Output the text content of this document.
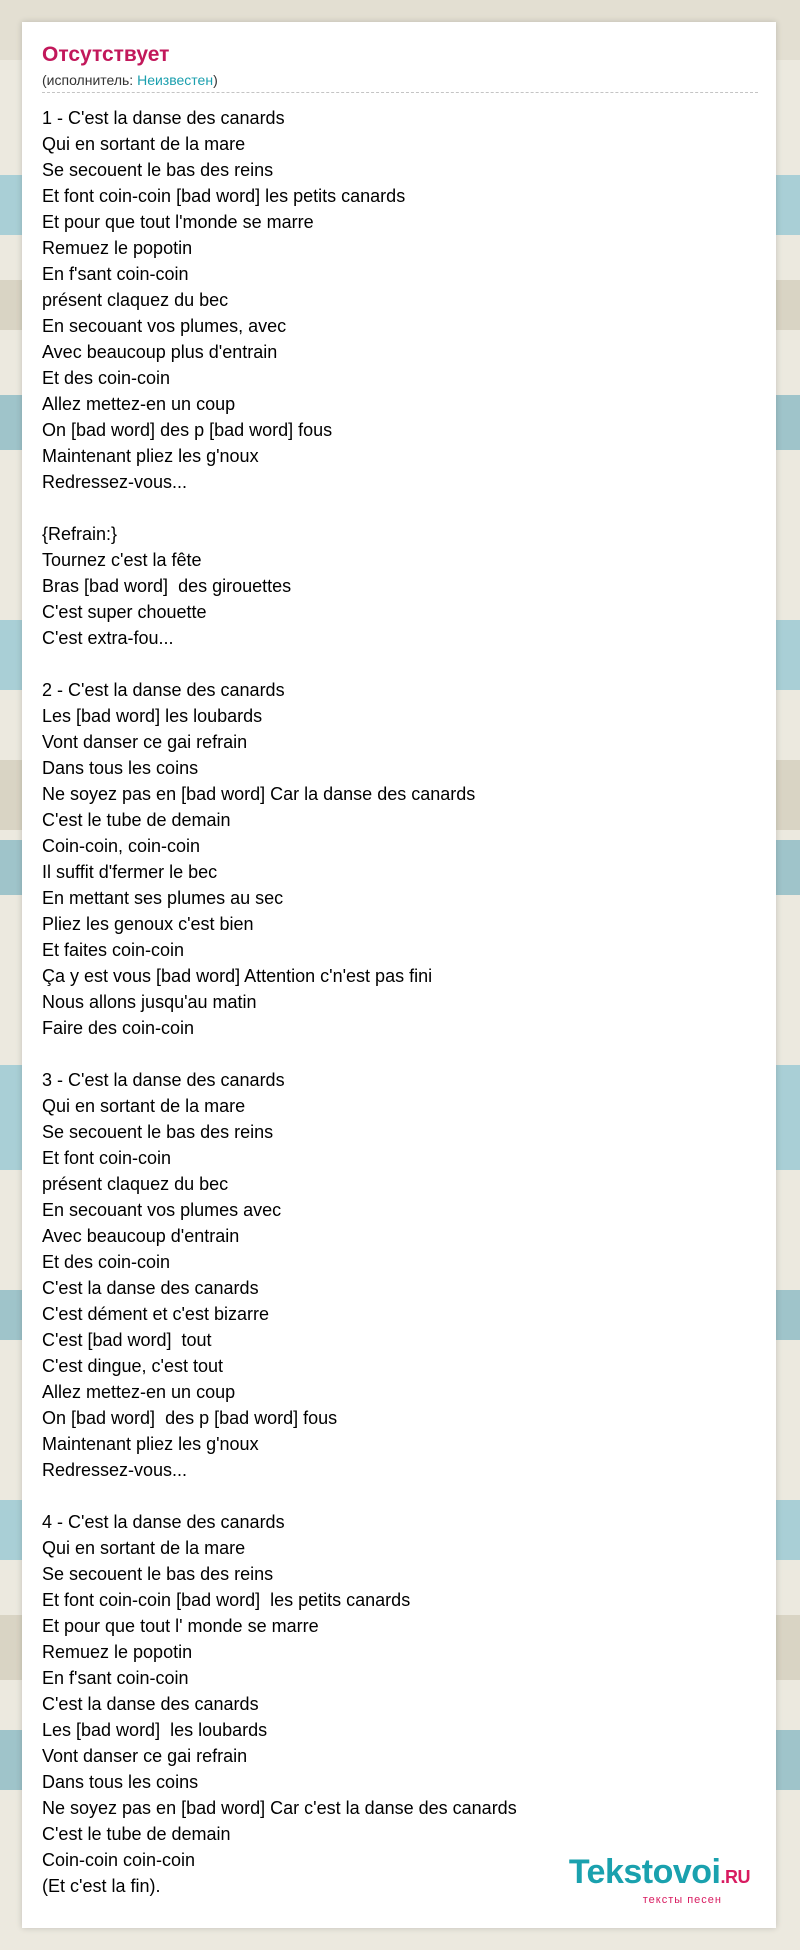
Отсутствует
(исполнитель: Неизвестен)

1 - C'est la danse des canards

Qui en sortant de la mare

Se secouent le bas des reins

Et font coin-coin [bad word] les petits canards

Et pour que tout l'monde se marre

Remuez le popotin

En f'sant coin-coin

présent claquez du bec

En secouant vos plumes, avec

Avec beaucoup plus d'entrain

Et des coin-coin

Allez mettez-en un coup

On [bad word] des p [bad word] fous

Maintenant pliez les g'noux

Redressez-vous...

{Refrain:}

Tournez c'est la fête

Bras [bad word]  des girouettes

C'est super chouette

C'est extra-fou...

2 - C'est la danse des canards

Les [bad word] les loubards

Vont danser ce gai refrain

Dans tous les coins

Ne soyez pas en [bad word] Car la danse des canards

C'est le tube de demain

Coin-coin, coin-coin

Il suffit d'fermer le bec

En mettant ses plumes au sec

Pliez les genoux c'est bien

Et faites coin-coin

Ça y est vous [bad word] Attention c'n'est pas fini

Nous allons jusqu'au matin

Faire des coin-coin

3 - C'est la danse des canards

Qui en sortant de la mare

Se secouent le bas des reins

Et font coin-coin

présent claquez du bec

En secouant vos plumes avec

Avec beaucoup d'entrain

Et des coin-coin

C'est la danse des canards

C'est dément et c'est bizarre

C'est [bad word]  tout

C'est dingue, c'est tout

Allez mettez-en un coup

On [bad word]  des p [bad word] fous

Maintenant pliez les g'noux

Redressez-vous...

4 - C'est la danse des canards

Qui en sortant de la mare

Se secouent le bas des reins

Et font coin-coin [bad word]  les petits canards

Et pour que tout l' monde se marre

Remuez le popotin

En f'sant coin-coin

C'est la danse des canards

Les [bad word]  les loubards

Vont danser ce gai refrain

Dans tous les coins

Ne soyez pas en [bad word] Car c'est la danse des canards

C'est le tube de demain

Coin-coin coin-coin

(Et c'est la fin).	Tekstovoi.RU
тексты песен
